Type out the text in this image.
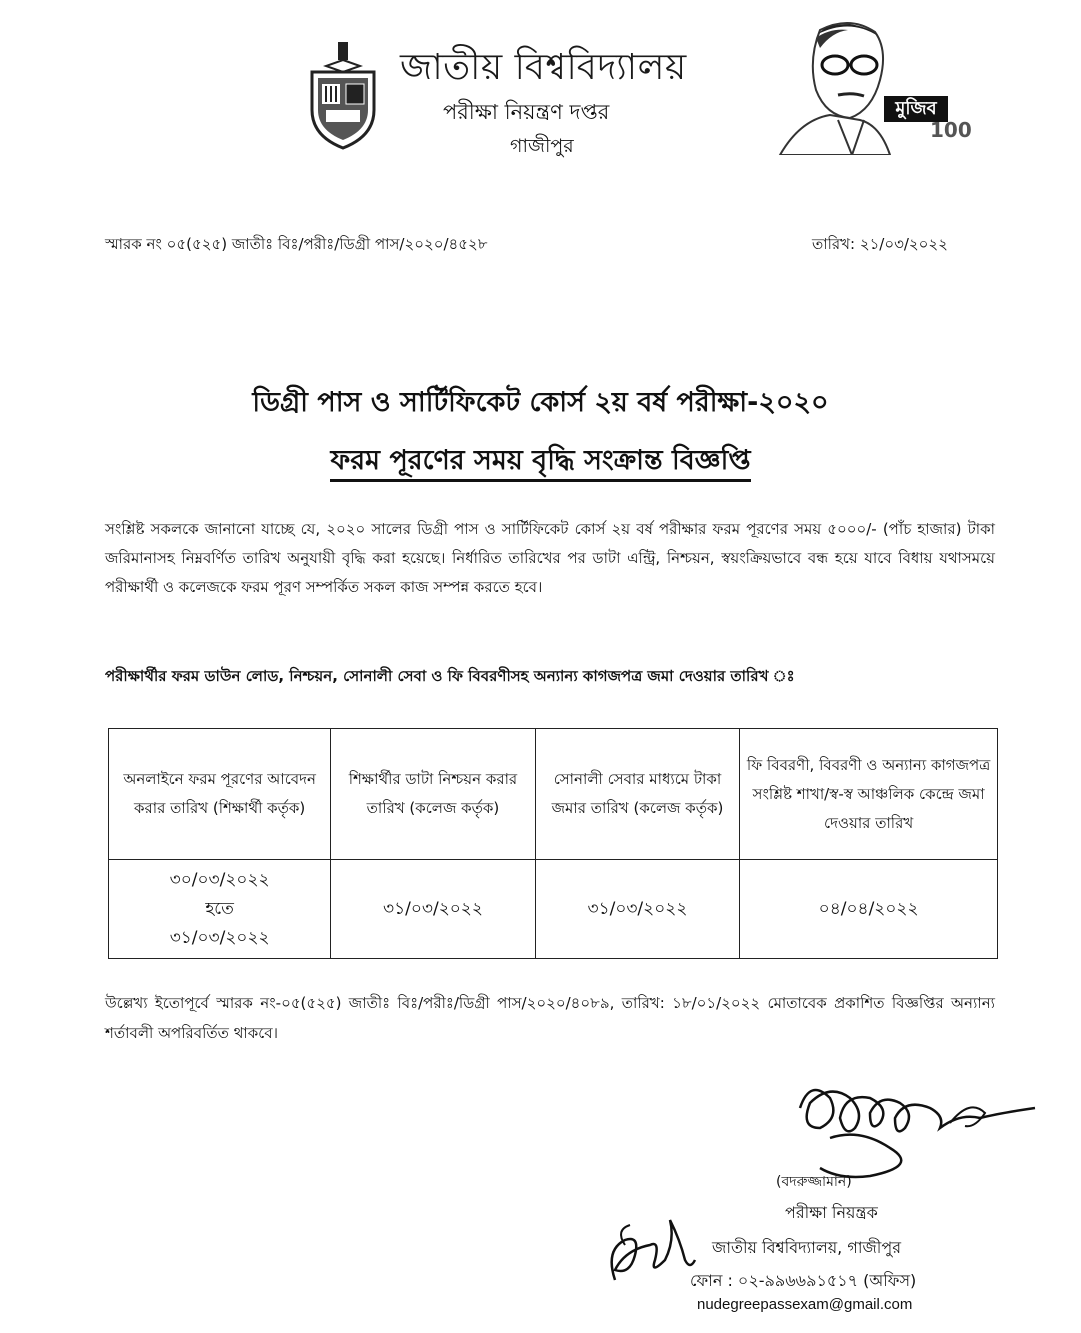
জাতীয় বিশ্ববিদ্যালয়
পরীক্ষা নিয়ন্ত্রণ দপ্তর
গাজীপুর
মুজিব
100
স্মারক নং ০৫(৫২৫) জাতীঃ বিঃ/পরীঃ/ডিগ্রী পাস/২০২০/৪৫২৮	তারিখ: ২১/০৩/২০২২
ডিগ্রী পাস ও সার্টিফিকেট কোর্স ২য় বর্ষ পরীক্ষা-২০২০
ফরম পূরণের সময় বৃদ্ধি সংক্রান্ত বিজ্ঞপ্তি
সংশ্লিষ্ট সকলকে জানানো যাচ্ছে যে, ২০২০ সালের ডিগ্রী পাস ও সার্টিফিকেট কোর্স ২য় বর্ষ পরীক্ষার ফরম পূরণের সময় ৫০০০/- (পাঁচ হাজার) টাকা জরিমানাসহ নিম্নবর্ণিত তারিখ অনুযায়ী বৃদ্ধি করা হয়েছে। নির্ধারিত তারিখের পর ডাটা এন্ট্রি, নিশ্চয়ন, স্বয়ংক্রিয়ভাবে বন্ধ হয়ে যাবে বিধায় যথাসময়ে পরীক্ষার্থী ও কলেজকে ফরম পূরণ সম্পর্কিত সকল কাজ সম্পন্ন করতে হবে।
পরীক্ষার্থীর ফরম ডাউন লোড, নিশ্চয়ন, সোনালী সেবা ও ফি বিবরণীসহ অন্যান্য কাগজপত্র জমা দেওয়ার তারিখ ঃ
অনলাইনে ফরম পূরণের আবেদন করার তারিখ (শিক্ষার্থী কর্তৃক)	শিক্ষার্থীর ডাটা নিশ্চয়ন করার তারিখ (কলেজ কর্তৃক)	সোনালী সেবার মাধ্যমে টাকা জমার তারিখ (কলেজ কর্তৃক)	ফি বিবরণী, বিবরণী ও অন্যান্য কাগজপত্র সংশ্লিষ্ট শাখা/স্ব-স্ব আঞ্চলিক কেন্দ্রে জমা দেওয়ার তারিখ

৩০/০৩/২০২২
হতে
৩১/০৩/২০২২	৩১/০৩/২০২২	৩১/০৩/২০২২	০৪/০৪/২০২২
উল্লেখ্য ইতোপূর্বে স্মারক নং-০৫(৫২৫) জাতীঃ বিঃ/পরীঃ/ডিগ্রী পাস/২০২০/৪০৮৯, তারিখ: ১৮/০১/২০২২ মোতাবেক প্রকাশিত বিজ্ঞপ্তির অন্যান্য শর্তাবলী অপরিবর্তিত থাকবে।
(বদরুজ্জামান)
পরীক্ষা নিয়ন্ত্রক
জাতীয় বিশ্ববিদ্যালয়, গাজীপুর
ফোন : ০২-৯৯৬৬৯১৫১৭ (অফিস)
nudegreepassexam@gmail.com
